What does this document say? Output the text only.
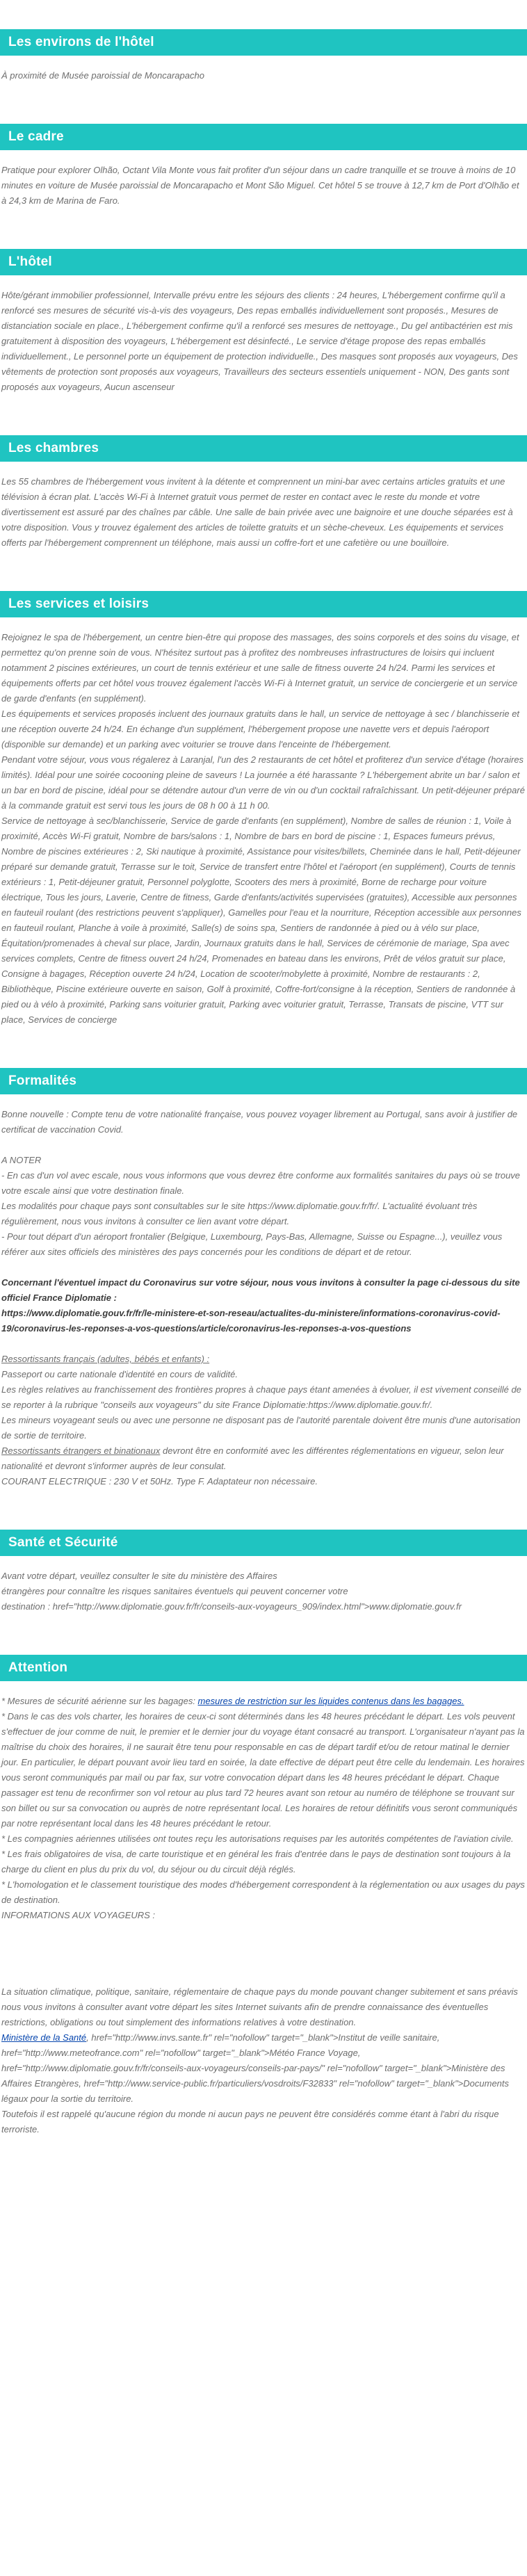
Les environs de l'hôtel

À proximité de Musée paroissial de Moncarapacho

Le cadre

Pratique pour explorer Olhão, Octant Vila Monte vous fait profiter d'un séjour dans un cadre tranquille et se trouve à moins de 10 minutes en voiture de Musée paroissial de Moncarapacho et Mont São Miguel. Cet hôtel 5 se trouve à 12,7 km de Port d'Olhão et à 24,3 km de Marina de Faro.

L'hôtel

Hôte/gérant immobilier professionnel, Intervalle prévu entre les séjours des clients : 24 heures, L'hébergement confirme qu'il a renforcé ses mesures de sécurité vis-à-vis des voyageurs, Des repas emballés individuellement sont proposés., Mesures de distanciation sociale en place., L'hébergement confirme qu'il a renforcé ses mesures de nettoyage., Du gel antibactérien est mis gratuitement à disposition des voyageurs, L'hébergement est désinfecté., Le service d'étage propose des repas emballés individuellement., Le personnel porte un équipement de protection individuelle., Des masques sont proposés aux voyageurs, Des vêtements de protection sont proposés aux voyageurs, Travailleurs des secteurs essentiels uniquement - NON, Des gants sont proposés aux voyageurs, Aucun ascenseur

Les chambres

Les 55 chambres de l'hébergement vous invitent à la détente et comprennent un mini-bar avec certains articles gratuits et une télévision à écran plat. L'accès Wi-Fi à Internet gratuit vous permet de rester en contact avec le reste du monde et votre divertissement est assuré par des chaînes par câble. Une salle de bain privée avec une baignoire et une douche séparées est à votre disposition. Vous y trouvez également des articles de toilette gratuits et un sèche-cheveux. Les équipements et services offerts par l'hébergement comprennent un téléphone, mais aussi un coffre-fort et une cafetière ou une bouilloire.

Les services et loisirs

Rejoignez le spa de l'hébergement, un centre bien-être qui propose des massages, des soins corporels et des soins du visage, et permettez qu'on prenne soin de vous. N'hésitez surtout pas à profitez des nombreuses infrastructures de loisirs qui incluent notamment 2 piscines extérieures, un court de tennis extérieur et une salle de fitness ouverte 24 h/24. Parmi les services et équipements offerts par cet hôtel vous trouvez également l'accès Wi-Fi à Internet gratuit, un service de conciergerie et un service de garde d'enfants (en supplément).

Les équipements et services proposés incluent des journaux gratuits dans le hall, un service de nettoyage à sec / blanchisserie et une réception ouverte 24 h/24. En échange d'un supplément, l'hébergement propose une navette vers et depuis l'aéroport (disponible sur demande) et un parking avec voiturier se trouve dans l'enceinte de l'hébergement.

Pendant votre séjour, vous vous régalerez à Laranjal, l'un des 2 restaurants de cet hôtel et profiterez d'un service d'étage (horaires limités). Idéal pour une soirée cocooning pleine de saveurs ! La journée a été harassante ? L'hébergement abrite un bar / salon et un bar en bord de piscine, idéal pour se détendre autour d'un verre de vin ou d'un cocktail rafraîchissant. Un petit-déjeuner préparé à la commande gratuit est servi tous les jours de 08 h 00 à 11 h 00.

Service de nettoyage à sec/blanchisserie, Service de garde d'enfants (en supplément), Nombre de salles de réunion : 1, Voile à proximité, Accès Wi-Fi gratuit, Nombre de bars/salons : 1, Nombre de bars en bord de piscine : 1, Espaces fumeurs prévus, Nombre de piscines extérieures : 2, Ski nautique à proximité, Assistance pour visites/billets, Cheminée dans le hall, Petit-déjeuner préparé sur demande gratuit, Terrasse sur le toit, Service de transfert entre l'hôtel et l'aéroport (en supplément), Courts de tennis extérieurs : 1, Petit-déjeuner gratuit, Personnel polyglotte, Scooters des mers à proximité, Borne de recharge pour voiture électrique, Tous les jours, Laverie, Centre de fitness, Garde d'enfants/activités supervisées (gratuites), Accessible aux personnes en fauteuil roulant (des restrictions peuvent s'appliquer), Gamelles pour l'eau et la nourriture, Réception accessible aux personnes en fauteuil roulant, Planche à voile à proximité, Salle(s) de soins spa, Sentiers de randonnée à pied ou à vélo sur place, Équitation/promenades à cheval sur place, Jardin, Journaux gratuits dans le hall, Services de cérémonie de mariage, Spa avec services complets, Centre de fitness ouvert 24 h/24, Promenades en bateau dans les environs, Prêt de vélos gratuit sur place, Consigne à bagages, Réception ouverte 24 h/24, Location de scooter/mobylette à proximité, Nombre de restaurants : 2, Bibliothèque, Piscine extérieure ouverte en saison, Golf à proximité, Coffre-fort/consigne à la réception, Sentiers de randonnée à pied ou à vélo à proximité, Parking sans voiturier gratuit, Parking avec voiturier gratuit, Terrasse, Transats de piscine, VTT sur place, Services de concierge

Formalités

Bonne nouvelle : Compte tenu de votre nationalité française, vous pouvez voyager librement au Portugal, sans avoir à justifier de certificat de vaccination Covid.

A NOTER

- En cas d'un vol avec escale, nous vous informons que vous devrez être conforme aux formalités sanitaires du pays où se trouve votre escale ainsi que votre destination finale.

Les modalités pour chaque pays sont consultables sur le site https://www.diplomatie.gouv.fr/fr/. L'actualité évoluant très régulièrement, nous vous invitons à consulter ce lien avant votre départ.

- Pour tout départ d'un aéroport frontalier (Belgique, Luxembourg, Pays-Bas, Allemagne, Suisse ou Espagne...), veuillez vous référer aux sites officiels des ministères des pays concernés pour les conditions de départ et de retour.

Concernant l'éventuel impact du Coronavirus sur votre séjour, nous vous invitons à consulter la page ci-dessous du site officiel France Diplomatie :

https://www.diplomatie.gouv.fr/fr/le-ministere-et-son-reseau/actualites-du-ministere/informations-coronavirus-covid-19/coronavirus-les-reponses-a-vos-questions/article/coronavirus-les-reponses-a-vos-questions

Ressortissants français (adultes, bébés et enfants) :

Passeport ou carte nationale d'identité en cours de validité.

Les règles relatives au franchissement des frontières propres à chaque pays étant amenées à évoluer, il est vivement conseillé de se reporter à la rubrique "conseils aux voyageurs" du site France Diplomatie:https://www.diplomatie.gouv.fr/.

Les mineurs voyageant seuls ou avec une personne ne disposant pas de l'autorité parentale doivent être munis d'une autorisation de sortie de territoire.

Ressortissants étrangers et binationaux devront être en conformité avec les différentes réglementations en vigueur, selon leur nationalité et devront s'informer auprès de leur consulat.

COURANT ELECTRIQUE : 230 V et 50Hz. Type F. Adaptateur non nécessaire.

Santé et Sécurité

Avant votre départ, veuillez consulter le site du ministère des Affaires

étrangères pour connaître les risques sanitaires éventuels qui peuvent concerner votre

destination : href="http://www.diplomatie.gouv.fr/fr/conseils-aux-voyageurs_909/index.html">www.diplomatie.gouv.fr

Attention

* Mesures de sécurité aérienne sur les bagages: mesures de restriction sur les liquides contenus dans les bagages.

* Dans le cas des vols charter, les horaires de ceux-ci sont déterminés dans les 48 heures précédant le départ. Les vols peuvent s'effectuer de jour comme de nuit, le premier et le dernier jour du voyage étant consacré au transport. L'organisateur n'ayant pas la maîtrise du choix des horaires, il ne saurait être tenu pour responsable en cas de départ tardif et/ou de retour matinal le dernier jour. En particulier, le départ pouvant avoir lieu tard en soirée, la date effective de départ peut être celle du lendemain. Les horaires vous seront communiqués par mail ou par fax, sur votre convocation départ dans les 48 heures précédant le départ. Chaque passager est tenu de reconfirmer son vol retour au plus tard 72 heures avant son retour au numéro de téléphone se trouvant sur son billet ou sur sa convocation ou auprès de notre représentant local. Les horaires de retour définitifs vous seront communiqués par notre représentant local dans les 48 heures précédant le retour.

* Les compagnies aériennes utilisées ont toutes reçu les autorisations requises par les autorités compétentes de l'aviation civile.

* Les frais obligatoires de visa, de carte touristique et en général les frais d'entrée dans le pays de destination sont toujours à la charge du client en plus du prix du vol, du séjour ou du circuit déjà réglés.

* L'homologation et le classement touristique des modes d'hébergement correspondent à la réglementation ou aux usages du pays de destination.

INFORMATIONS AUX VOYAGEURS :

La situation climatique, politique, sanitaire, réglementaire de chaque pays du monde pouvant changer subitement et sans préavis

nous vous invitons à consulter avant votre départ les sites Internet suivants afin de prendre connaissance des éventuelles restrictions, obligations ou tout simplement des informations relatives à votre destination.

Ministère de la Santé, href="http://www.invs.sante.fr" rel="nofollow" target="_blank">Institut de veille sanitaire, href="http://www.meteofrance.com" rel="nofollow" target="_blank">Météo France Voyage, href="http://www.diplomatie.gouv.fr/fr/conseils-aux-voyageurs/conseils-par-pays/" rel="nofollow" target="_blank">Ministère des Affaires Etrangères, href="http://www.service-public.fr/particuliers/vosdroits/F32833" rel="nofollow" target="_blank">Documents légaux pour la sortie du territoire.

Toutefois il est rappelé qu'aucune région du monde ni aucun pays ne peuvent être considérés comme étant à l'abri du risque terroriste.
